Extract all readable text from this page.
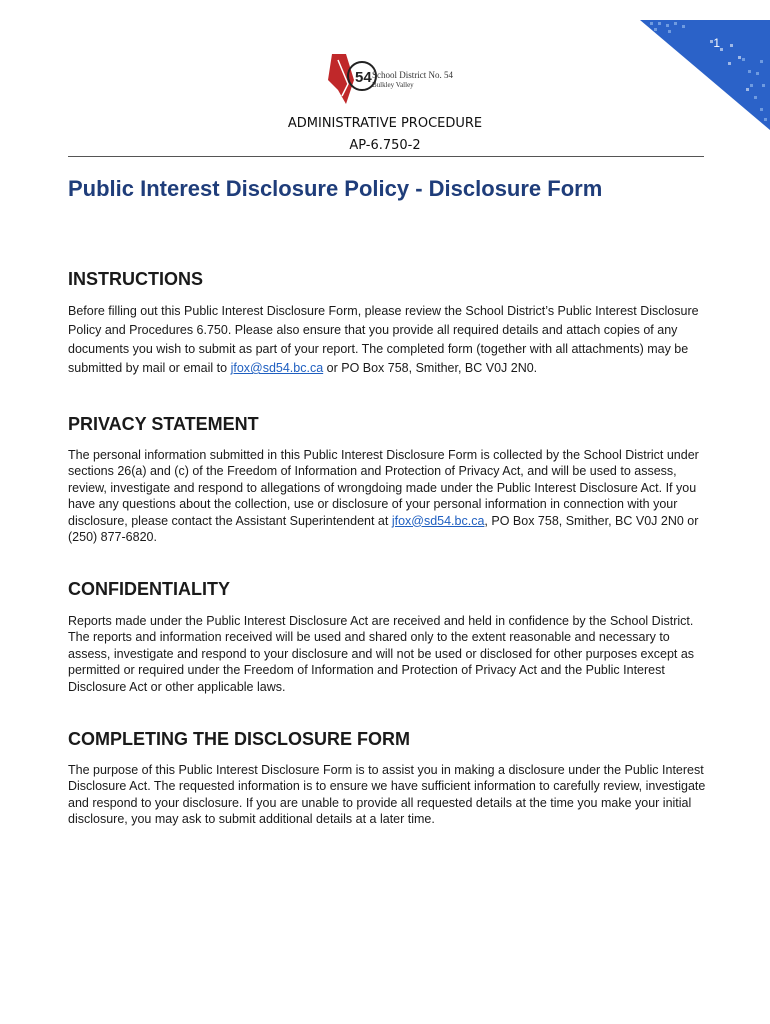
1
54 School District No. 54
Bulkley Valley
ADMINISTRATIVE PROCEDURE
AP-6.750-2
Public Interest Disclosure Policy - Disclosure Form
INSTRUCTIONS

Before filling out this Public Interest Disclosure Form, please review the School District’s Public Interest Disclosure Policy and Procedures 6.750. Please also ensure that you provide all required details and attach copies of any documents you wish to submit as part of your report. The completed form (together with all attachments) may be submitted by mail or email to jfox@sd54.bc.ca or PO Box 758, Smither, BC V0J 2N0.

PRIVACY STATEMENT

The personal information submitted in this Public Interest Disclosure Form is collected by the School District under sections 26(a) and (c) of the Freedom of Information and Protection of Privacy Act, and will be used to assess, review, investigate and respond to allegations of wrongdoing made under the Public Interest Disclosure Act. If you have any questions about the collection, use or disclosure of your personal information in connection with your disclosure, please contact the Assistant Superintendent at jfox@sd54.bc.ca, PO Box 758, Smither, BC V0J 2N0 or (250) 877-6820.

CONFIDENTIALITY

Reports made under the Public Interest Disclosure Act are received and held in confidence by the School District. The reports and information received will be used and shared only to the extent reasonable and necessary to assess, investigate and respond to your disclosure and will not be used or disclosed for other purposes except as permitted or required under the Freedom of Information and Protection of Privacy Act and the Public Interest Disclosure Act or other applicable laws.

COMPLETING THE DISCLOSURE FORM

The purpose of this Public Interest Disclosure Form is to assist you in making a disclosure under the Public Interest Disclosure Act. The requested information is to ensure we have sufficient information to carefully review, investigate and respond to your disclosure. If you are unable to provide all requested details at the time you make your initial disclosure, you may ask to submit additional details at a later time.
